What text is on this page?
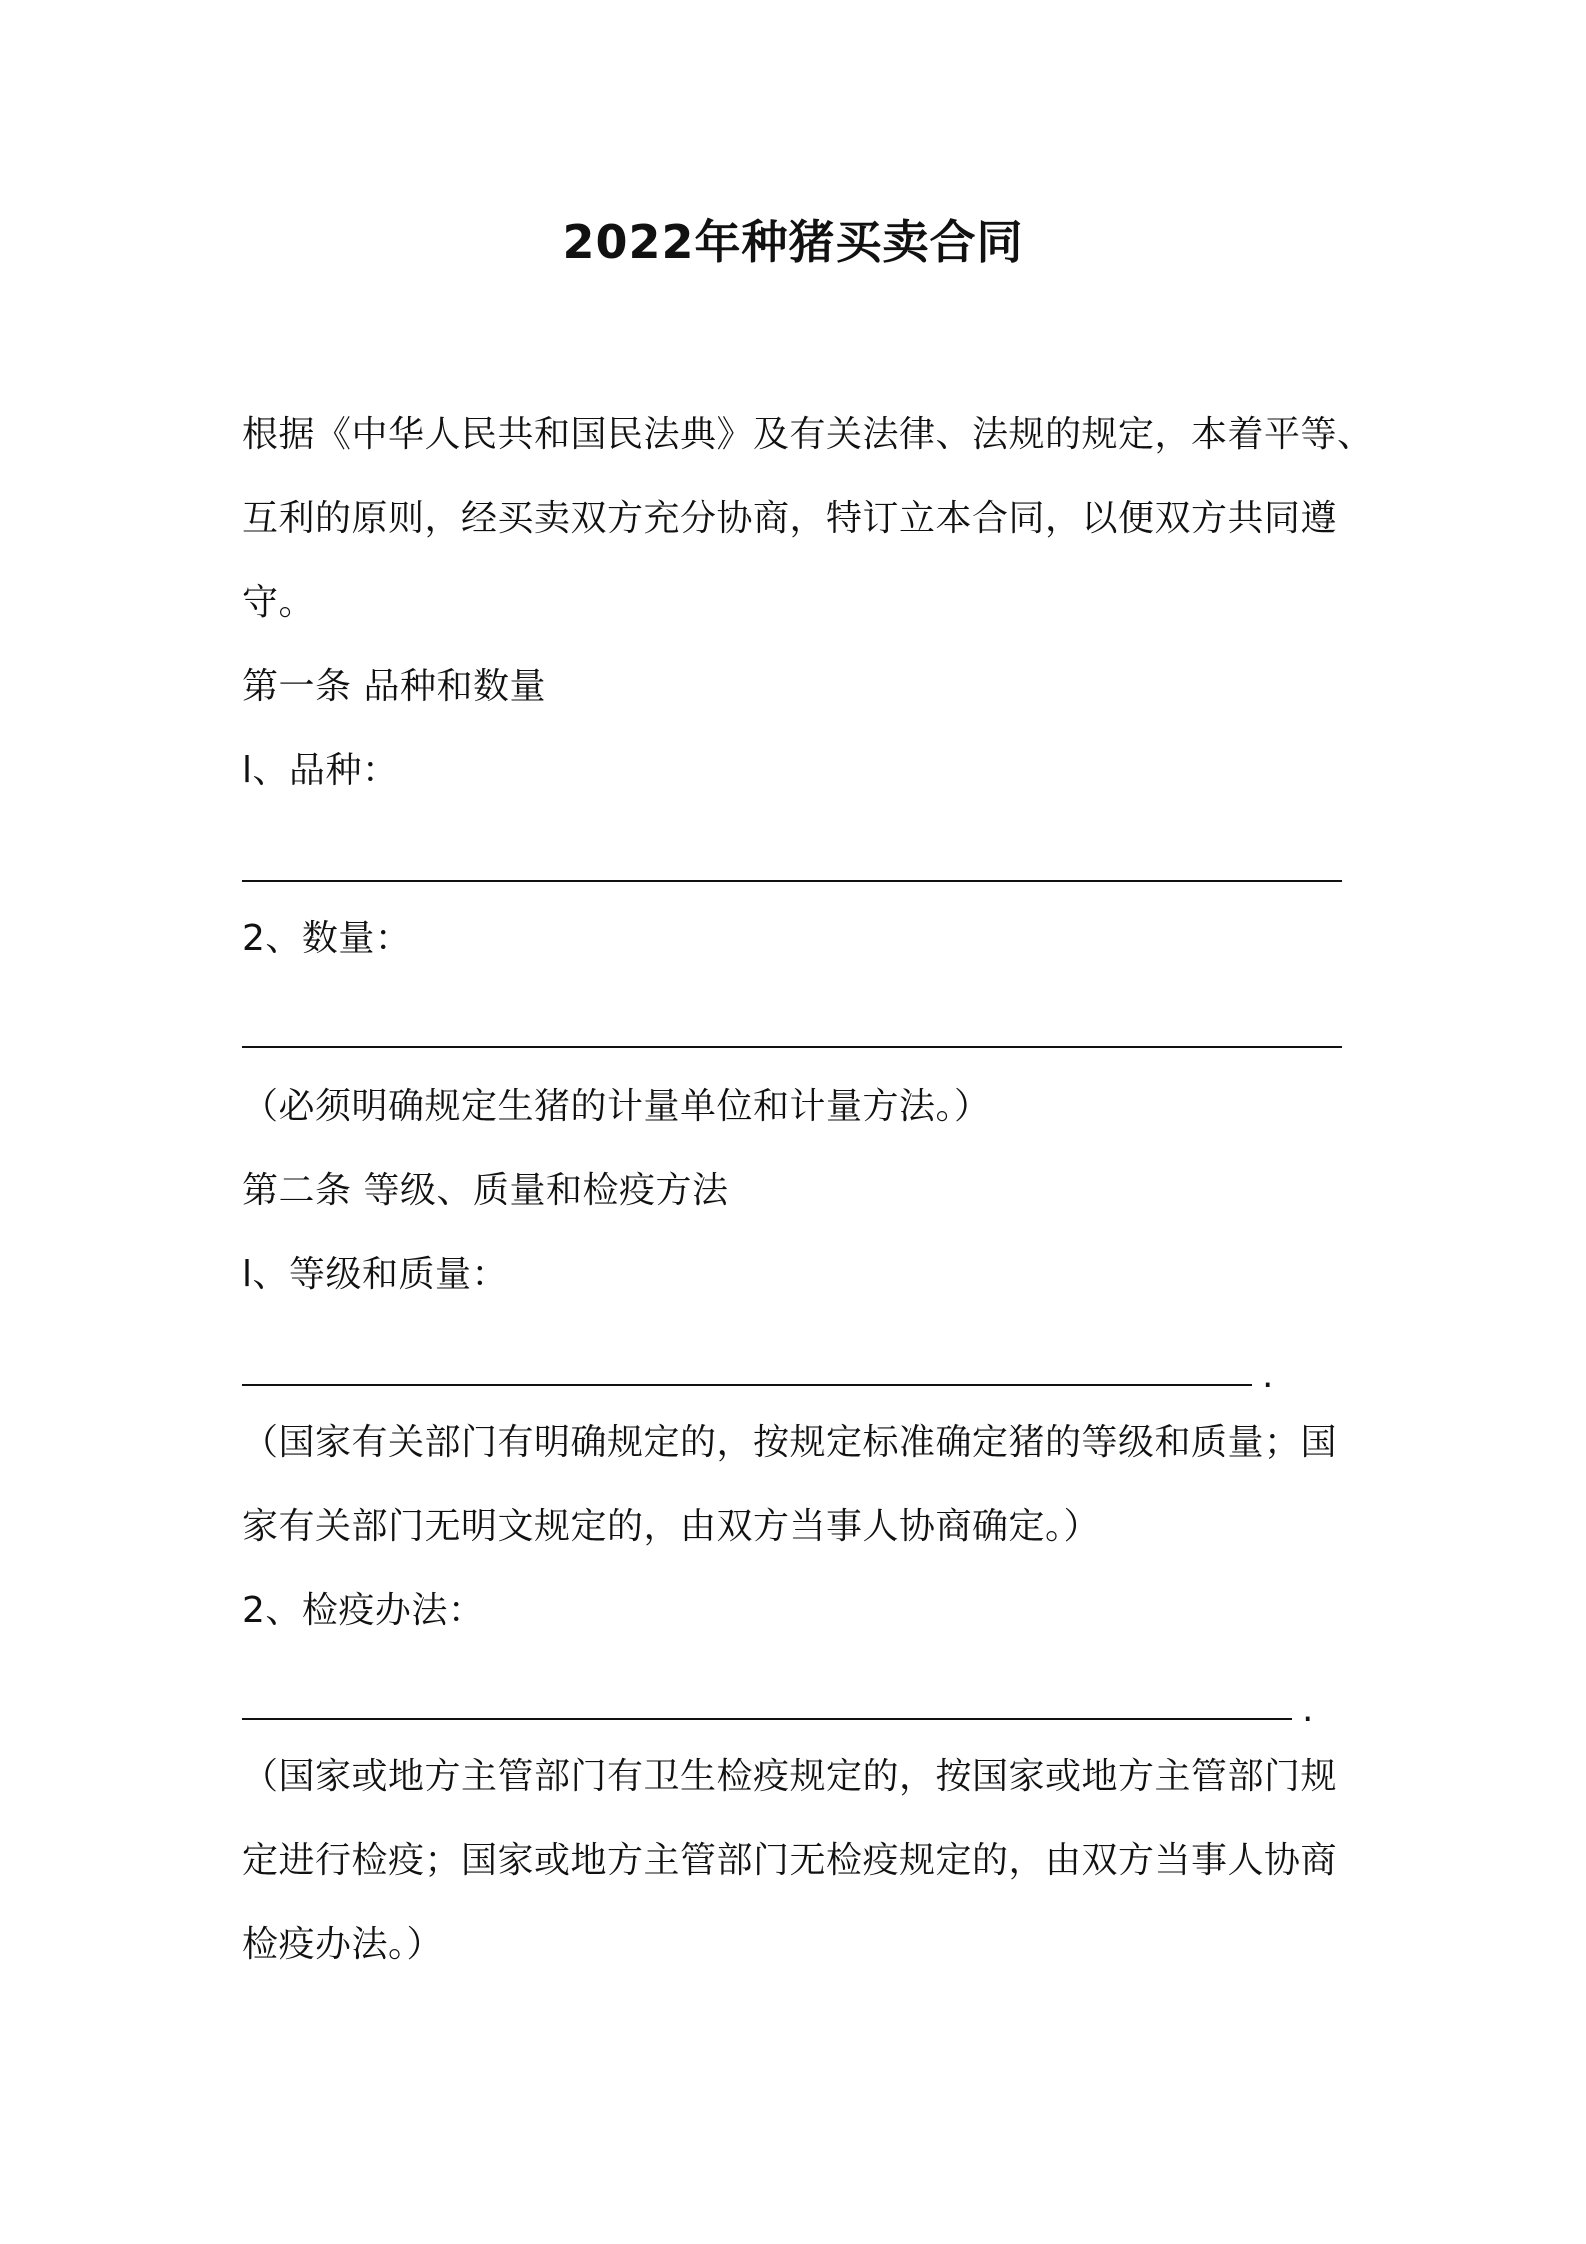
2022年种猪买卖合同

根据《中华人民共和国民法典》及有关法律、法规的规定，本着平等、

互利的原则，经买卖双方充分协商，特订立本合同，以便双方共同遵

守。

第一条 品种和数量

l、品种：

2、数量：

（必须明确规定生猪的计量单位和计量方法。）

第二条 等级、质量和检疫方法

l、等级和质量：

.

（国家有关部门有明确规定的，按规定标准确定猪的等级和质量；国

家有关部门无明文规定的，由双方当事人协商确定。）

2、检疫办法：

.

（国家或地方主管部门有卫生检疫规定的，按国家或地方主管部门规

定进行检疫；国家或地方主管部门无检疫规定的，由双方当事人协商

检疫办法。）
